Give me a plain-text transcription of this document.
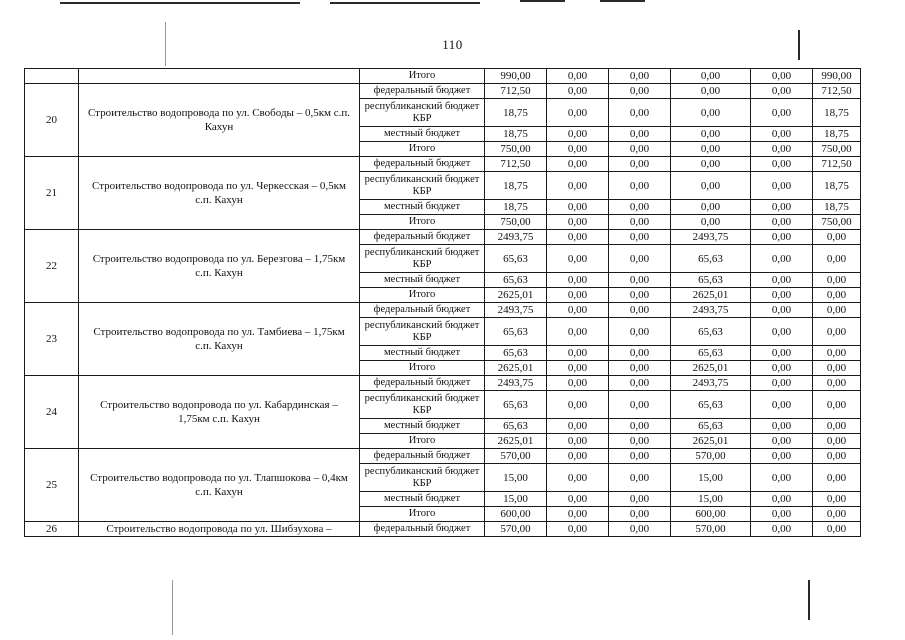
110
		Итого	990,00	0,00	0,00	0,00	0,00	990,00
20	Строительство водопровода по ул. Свободы – 0,5км с.п. Кахун	федеральный бюджет	712,50	0,00	0,00	0,00	0,00	712,50
		республиканский бюджет КБР	18,75	0,00	0,00	0,00	0,00	18,75
		местный бюджет	18,75	0,00	0,00	0,00	0,00	18,75
		Итого	750,00	0,00	0,00	0,00	0,00	750,00
21	Строительство водопровода по ул. Черкесская – 0,5км с.п. Кахун	федеральный бюджет	712,50	0,00	0,00	0,00	0,00	712,50
		республиканский бюджет КБР	18,75	0,00	0,00	0,00	0,00	18,75
		местный бюджет	18,75	0,00	0,00	0,00	0,00	18,75
		Итого	750,00	0,00	0,00	0,00	0,00	750,00
22	Строительство водопровода по ул. Березгова – 1,75км с.п. Кахун	федеральный бюджет	2493,75	0,00	0,00	2493,75	0,00	0,00
		республиканский бюджет КБР	65,63	0,00	0,00	65,63	0,00	0,00
		местный бюджет	65,63	0,00	0,00	65,63	0,00	0,00
		Итого	2625,01	0,00	0,00	2625,01	0,00	0,00
23	Строительство водопровода по ул. Тамбиева – 1,75км с.п. Кахун	федеральный бюджет	2493,75	0,00	0,00	2493,75	0,00	0,00
		республиканский бюджет КБР	65,63	0,00	0,00	65,63	0,00	0,00
		местный бюджет	65,63	0,00	0,00	65,63	0,00	0,00
		Итого	2625,01	0,00	0,00	2625,01	0,00	0,00
24	Строительство водопровода по ул. Кабардинская – 1,75км с.п. Кахун	федеральный бюджет	2493,75	0,00	0,00	2493,75	0,00	0,00
		республиканский бюджет КБР	65,63	0,00	0,00	65,63	0,00	0,00
		местный бюджет	65,63	0,00	0,00	65,63	0,00	0,00
		Итого	2625,01	0,00	0,00	2625,01	0,00	0,00
25	Строительство водопровода по ул. Тлапшокова – 0,4км с.п. Кахун	федеральный бюджет	570,00	0,00	0,00	570,00	0,00	0,00
		республиканский бюджет КБР	15,00	0,00	0,00	15,00	0,00	0,00
		местный бюджет	15,00	0,00	0,00	15,00	0,00	0,00
		Итого	600,00	0,00	0,00	600,00	0,00	0,00
26	Строительство водопровода по ул. Шибзухова –	федеральный бюджет	570,00	0,00	0,00	570,00	0,00	0,00
